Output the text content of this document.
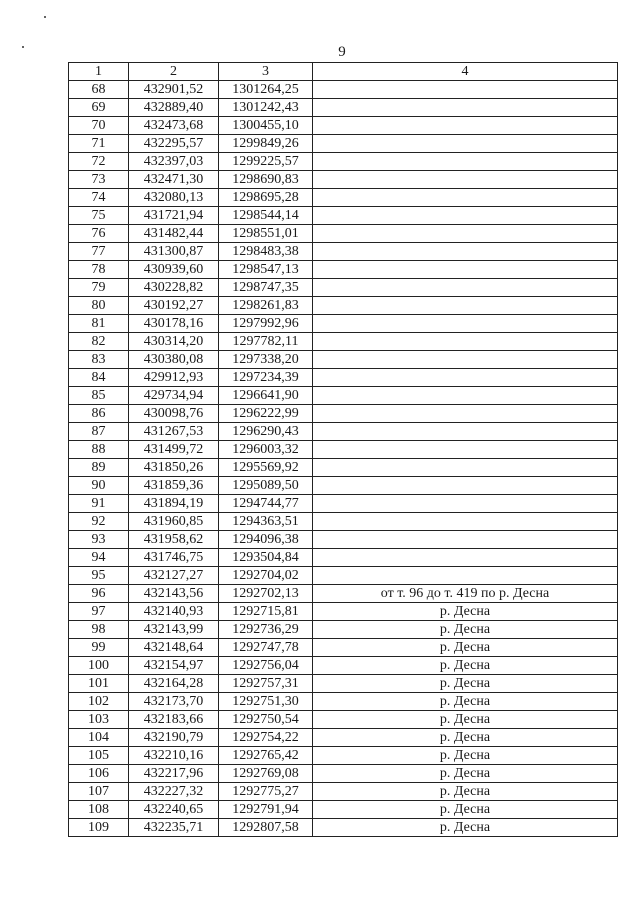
9
1	2	3	4
68	432901,52	1301264,25	
69	432889,40	1301242,43	
70	432473,68	1300455,10	
71	432295,57	1299849,26	
72	432397,03	1299225,57	
73	432471,30	1298690,83	
74	432080,13	1298695,28	
75	431721,94	1298544,14	
76	431482,44	1298551,01	
77	431300,87	1298483,38	
78	430939,60	1298547,13	
79	430228,82	1298747,35	
80	430192,27	1298261,83	
81	430178,16	1297992,96	
82	430314,20	1297782,11	
83	430380,08	1297338,20	
84	429912,93	1297234,39	
85	429734,94	1296641,90	
86	430098,76	1296222,99	
87	431267,53	1296290,43	
88	431499,72	1296003,32	
89	431850,26	1295569,92	
90	431859,36	1295089,50	
91	431894,19	1294744,77	
92	431960,85	1294363,51	
93	431958,62	1294096,38	
94	431746,75	1293504,84	
95	432127,27	1292704,02	
96	432143,56	1292702,13	от т. 96 до т. 419 по р. Десна
97	432140,93	1292715,81	р. Десна
98	432143,99	1292736,29	р. Десна
99	432148,64	1292747,78	р. Десна
100	432154,97	1292756,04	р. Десна
101	432164,28	1292757,31	р. Десна
102	432173,70	1292751,30	р. Десна
103	432183,66	1292750,54	р. Десна
104	432190,79	1292754,22	р. Десна
105	432210,16	1292765,42	р. Десна
106	432217,96	1292769,08	р. Десна
107	432227,32	1292775,27	р. Десна
108	432240,65	1292791,94	р. Десна
109	432235,71	1292807,58	р. Десна
